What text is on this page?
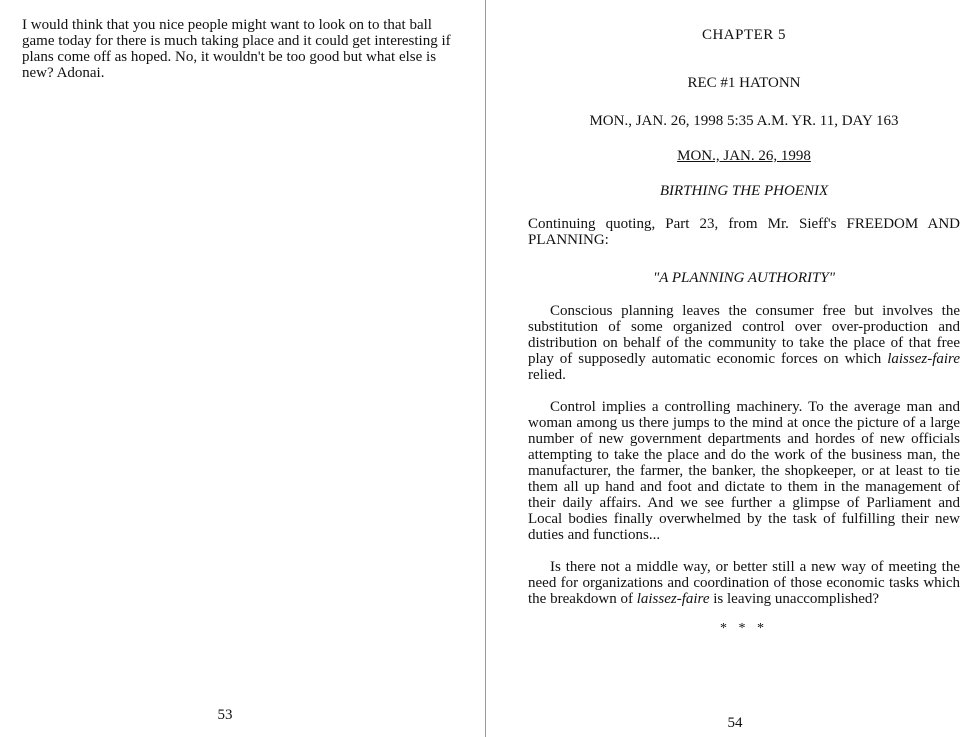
I would think that you nice people might want to look on to that ball game today for there is much taking place and it could get interesting if plans come off as hoped. No, it wouldn't be too good but what else is new? Adonai.

53
CHAPTER 5
REC #1 HATONN
MON., JAN. 26, 1998 5:35 A.M. YR. 11, DAY 163
MON., JAN. 26, 1998
BIRTHING THE PHOENIX

Continuing quoting, Part 23, from Mr. Sieff's FREEDOM AND PLANNING:

"A PLANNING AUTHORITY"

Conscious planning leaves the consumer free but involves the substitution of some organized control over over-production and distribution on behalf of the community to take the place of that free play of supposedly automatic economic forces on which laissez-faire relied.

Control implies a controlling machinery. To the average man and woman among us there jumps to the mind at once the picture of a large number of new government departments and hordes of new officials attempting to take the place and do the work of the business man, the manufacturer, the farmer, the banker, the shopkeeper, or at least to tie them all up hand and foot and dictate to them in the management of their daily affairs. And we see further a glimpse of Parliament and Local bodies finally overwhelmed by the task of fulfilling their new duties and functions...

Is there not a middle way, or better still a new way of meeting the need for organizations and coordination of those economic tasks which the breakdown of laissez-faire is leaving unaccomplished?

* * *
54
